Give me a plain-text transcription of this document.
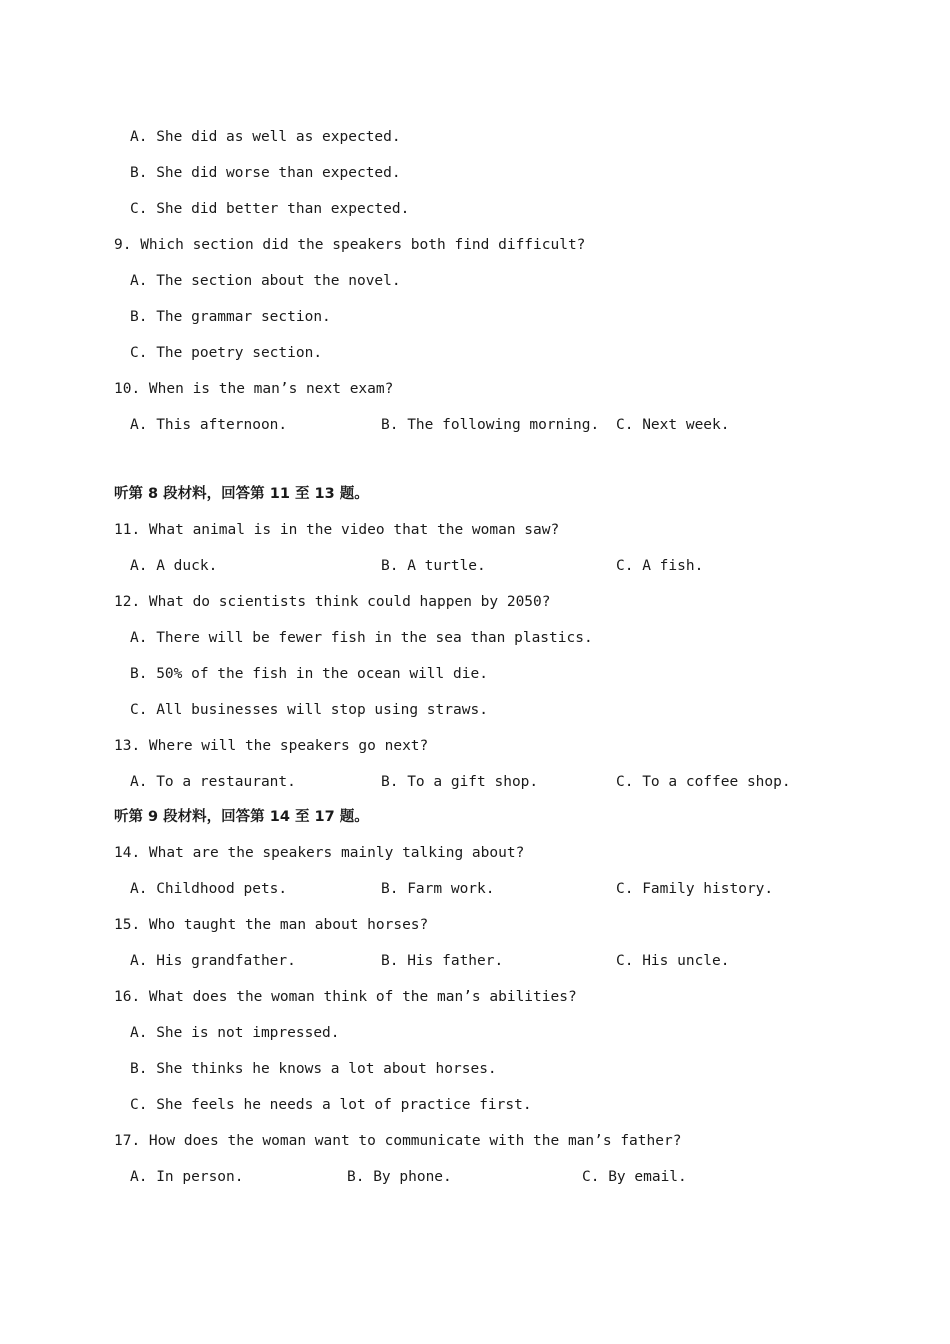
A. She did as well as expected.
B. She did worse than expected.
C. She did better than expected.
9. Which section did the speakers both find difficult?
A. The section about the novel.
B. The grammar section.
C. The poetry section.
10. When is the man’s next exam?
A. This afternoon.	B. The following morning. C. Next week.
听第 8 段材料，回答第 11 至 13 题。
11. What animal is in the video that the woman saw?
A. A duck.	B. A turtle.	C. A fish.
12. What do scientists think could happen by 2050?
A. There will be fewer fish in the sea than plastics.
B. 50% of the fish in the ocean will die.
C. All businesses will stop using straws.
13. Where will the speakers go next?
A. To a restaurant.	B. To a gift shop.	C. To a coffee shop.
听第 9 段材料，回答第 14 至 17 题。
14. What are the speakers mainly talking about?
A. Childhood pets.	B. Farm work.	C. Family history.
15. Who taught the man about horses?
A. His grandfather.	B. His father.	C. His uncle.
16. What does the woman think of the man’s abilities?
A. She is not impressed.
B. She thinks he knows a lot about horses.
C. She feels he needs a lot of practice first.
17. How does the woman want to communicate with the man’s father?
A. In person.	B. By phone.	C. By email.
